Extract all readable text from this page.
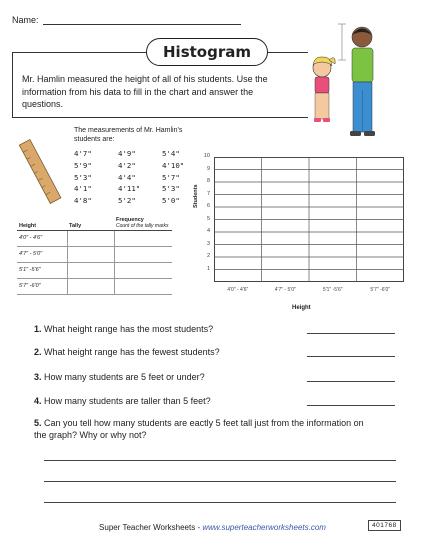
Name:
Histogram
Mr. Hamlin measured the height of all of his students. Use the information from his data to fill in the chart and answer the questions.
The measurements of Mr. Hamlin's students are:
4'7"	4'9"	5'4"
5'9"	4'2"	4'10"
5'3"	4'4"	5'7"
4'1"	4'11"	5'3"
4'8"	5'2"	5'0"
Height	Tally	Frequency
Count of the tally marks

4'0" - 4'6"		
4'7" - 5'0"		
5'1" -5'6"		
5'7" -6'0"		
Students
10
9
8
7
6
5
4
3
2
1
4'0" - 4'6"	4'7" - 5'0"	5'1" -5'6"	5'7" -6'0"
Height
1. What height range has the most students?
2. What height range has the fewest students?
3. How many students are 5 feet or under?
4. How many students are taller than 5 feet?
5. Can you tell how many students are eactly 5 feet tall just from the information on the graph? Why or why not?
Super Teacher Worksheets - www.superteacherworksheets.com	401768
